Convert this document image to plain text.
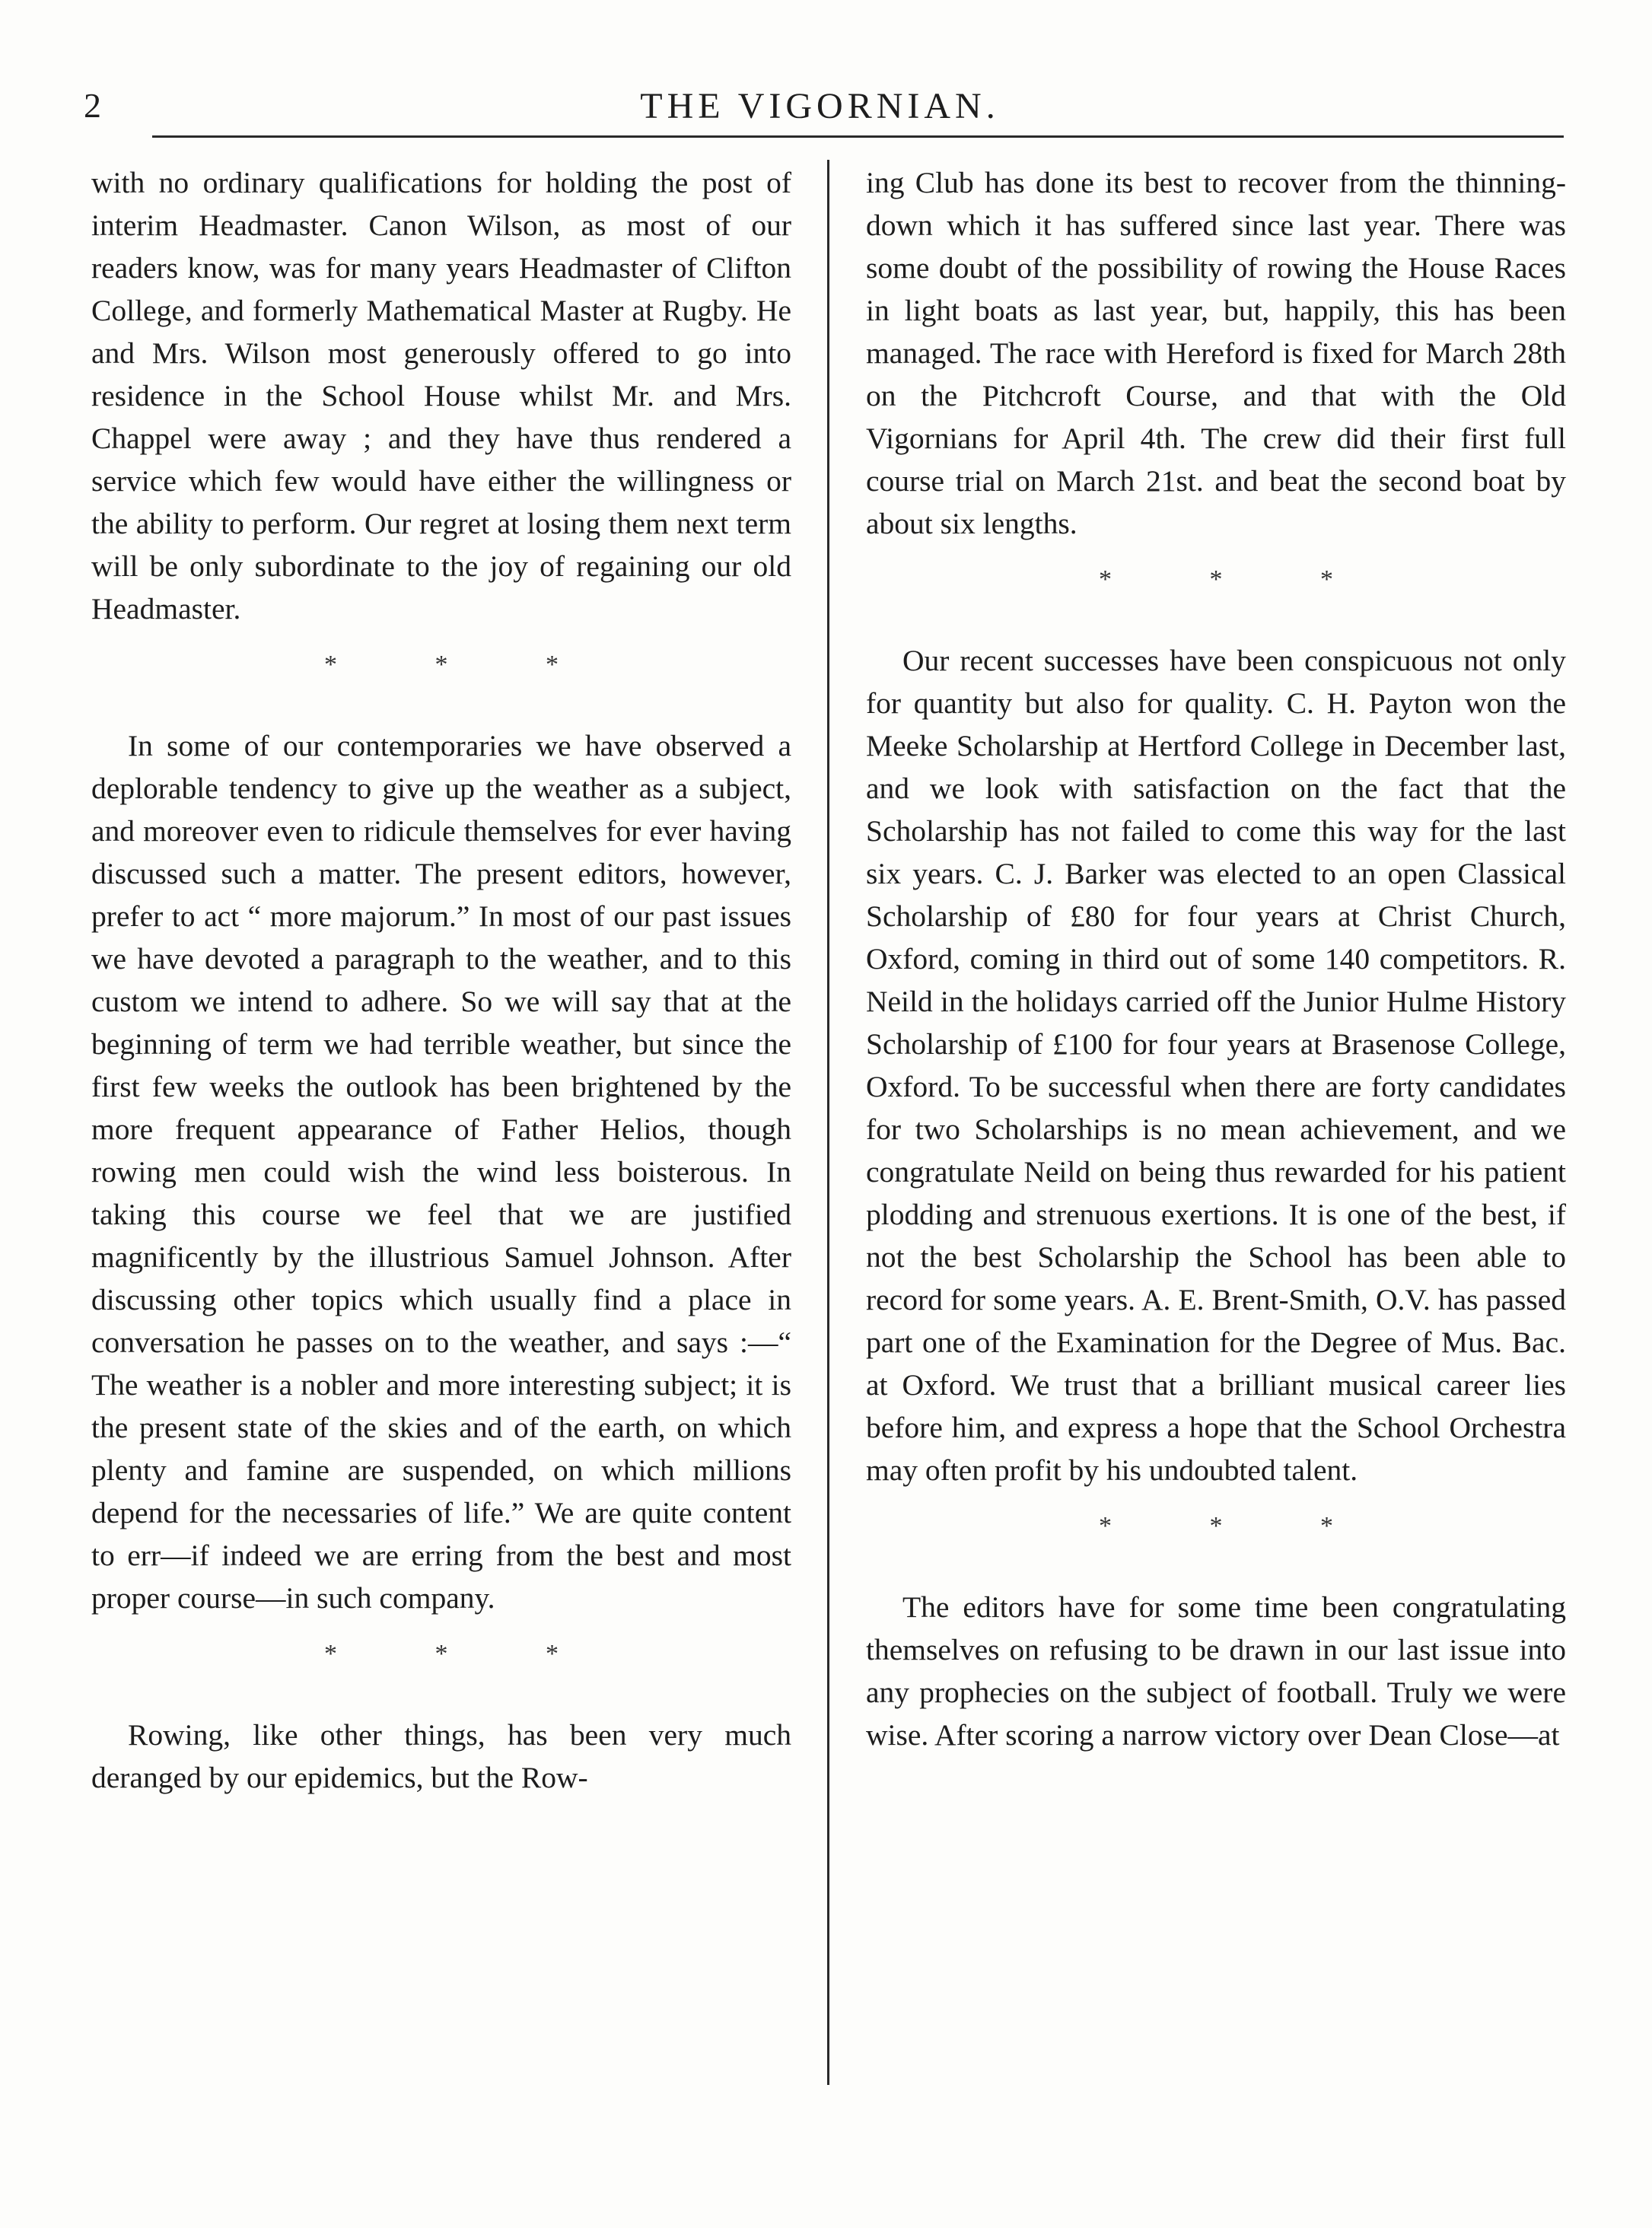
2	THE VIGORNIAN.

with no ordinary qualifications for holding the post of interim Headmaster. Canon Wilson, as most of our readers know, was for many years Headmaster of Clifton College, and formerly Mathematical Master at Rugby. He and Mrs. Wilson most generously offered to go into residence in the School House whilst Mr. and Mrs. Chappel were away ; and they have thus rendered a service which few would have either the willingness or the ability to perform. Our regret at losing them next term will be only subordinate to the joy of regaining our old Headmaster.

* * *

In some of our contemporaries we have observed a deplorable tendency to give up the weather as a subject, and moreover even to ridicule themselves for ever having discussed such a matter. The present editors, however, prefer to act “ more majorum.” In most of our past issues we have devoted a paragraph to the weather, and to this custom we intend to adhere. So we will say that at the beginning of term we had terrible weather, but since the first few weeks the outlook has been brightened by the more frequent appearance of Father Helios, though rowing men could wish the wind less boisterous. In taking this course we feel that we are justified magnificently by the illustrious Samuel Johnson. After discussing other topics which usually find a place in conversation he passes on to the weather, and says :—“ The weather is a nobler and more interesting subject; it is the present state of the skies and of the earth, on which plenty and famine are suspended, on which millions depend for the necessaries of life.” We are quite content to err—if indeed we are erring from the best and most proper course—in such company.

* * *

Rowing, like other things, has been very much deranged by our epidemics, but the Row-

ing Club has done its best to recover from the thinning-down which it has suffered since last year. There was some doubt of the possibility of rowing the House Races in light boats as last year, but, happily, this has been managed. The race with Hereford is fixed for March 28th on the Pitchcroft Course, and that with the Old Vigornians for April 4th. The crew did their first full course trial on March 21st. and beat the second boat by about six lengths.

* * *

Our recent successes have been conspicuous not only for quantity but also for quality. C. H. Payton won the Meeke Scholarship at Hertford College in December last, and we look with satisfaction on the fact that the Scholarship has not failed to come this way for the last six years. C. J. Barker was elected to an open Classical Scholarship of £80 for four years at Christ Church, Oxford, coming in third out of some 140 competitors. R. Neild in the holidays carried off the Junior Hulme History Scholarship of £100 for four years at Brasenose College, Oxford. To be successful when there are forty candidates for two Scholarships is no mean achievement, and we congratulate Neild on being thus rewarded for his patient plodding and strenuous exertions. It is one of the best, if not the best Scholarship the School has been able to record for some years. A. E. Brent-Smith, O.V. has passed part one of the Examination for the Degree of Mus. Bac. at Oxford. We trust that a brilliant musical career lies before him, and express a hope that the School Orchestra may often profit by his undoubted talent.

* * *

The editors have for some time been congratulating themselves on refusing to be drawn in our last issue into any prophecies on the subject of football. Truly we were wise. After scoring a narrow victory over Dean Close—at
